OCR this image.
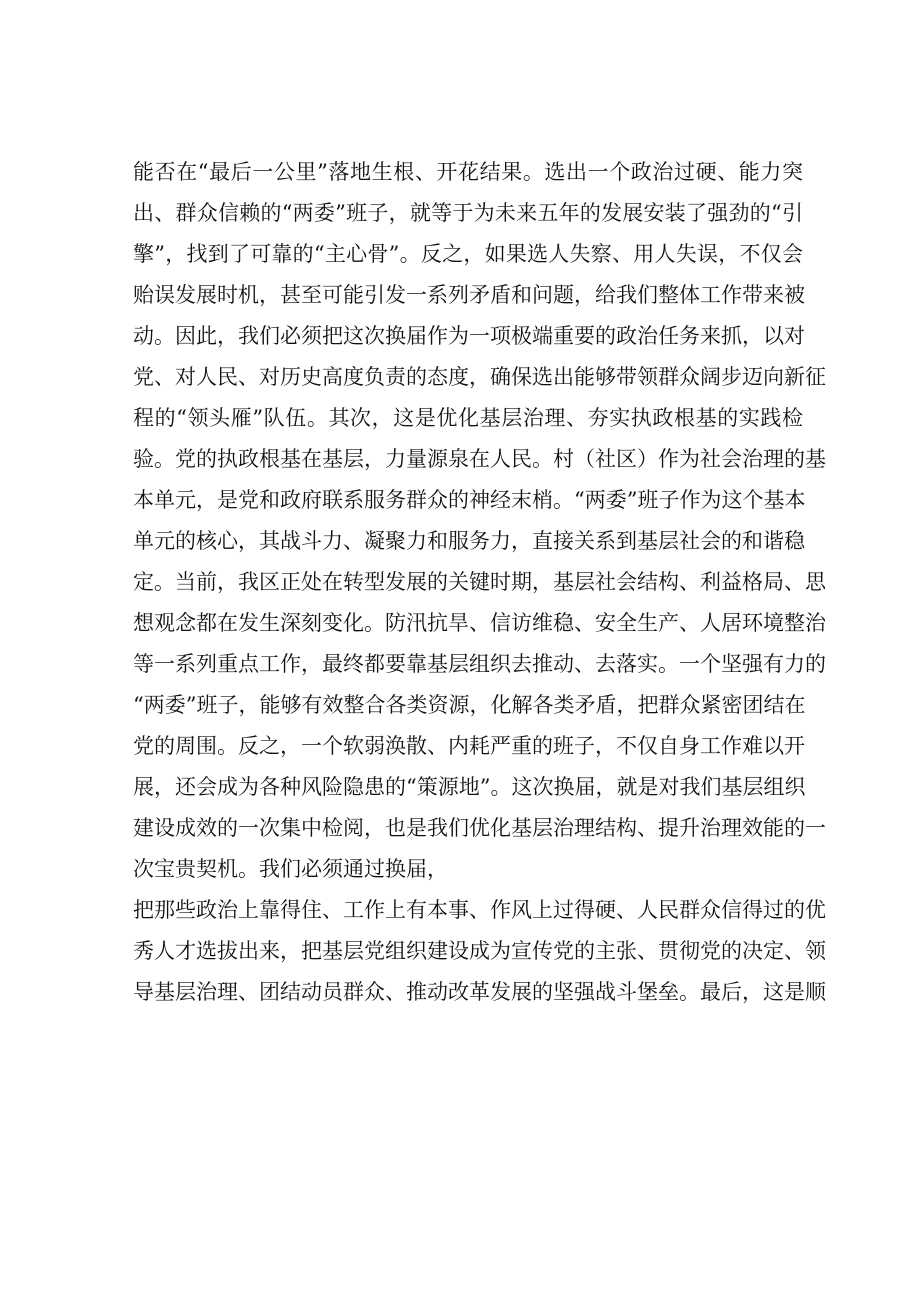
能否在“最后一公里”落地生根、开花结果。选出一个政治过硬、能力突
出、群众信赖的“两委”班子，就等于为未来五年的发展安装了强劲的“引
擎”，找到了可靠的“主心骨”。反之，如果选人失察、用人失误，不仅会
贻误发展时机，甚至可能引发一系列矛盾和问题，给我们整体工作带来被
动。因此，我们必须把这次换届作为一项极端重要的政治任务来抓，以对
党、对人民、对历史高度负责的态度，确保选出能够带领群众阔步迈向新征
程的“领头雁”队伍。其次，这是优化基层治理、夯实执政根基的实践检
验。党的执政根基在基层，力量源泉在人民。村（社区）作为社会治理的基
本单元，是党和政府联系服务群众的神经末梢。“两委”班子作为这个基本
单元的核心，其战斗力、凝聚力和服务力，直接关系到基层社会的和谐稳
定。当前，我区正处在转型发展的关键时期，基层社会结构、利益格局、思
想观念都在发生深刻变化。防汛抗旱、信访维稳、安全生产、人居环境整治
等一系列重点工作，最终都要靠基层组织去推动、去落实。一个坚强有力的
“两委”班子，能够有效整合各类资源，化解各类矛盾，把群众紧密团结在
党的周围。反之，一个软弱涣散、内耗严重的班子，不仅自身工作难以开
展，还会成为各种风险隐患的“策源地”。这次换届，就是对我们基层组织
建设成效的一次集中检阅，也是我们优化基层治理结构、提升治理效能的一
次宝贵契机。我们必须通过换届，
把那些政治上靠得住、工作上有本事、作风上过得硬、人民群众信得过的优
秀人才选拔出来，把基层党组织建设成为宣传党的主张、贯彻党的决定、领
导基层治理、团结动员群众、推动改革发展的坚强战斗堡垒。最后，这是顺
